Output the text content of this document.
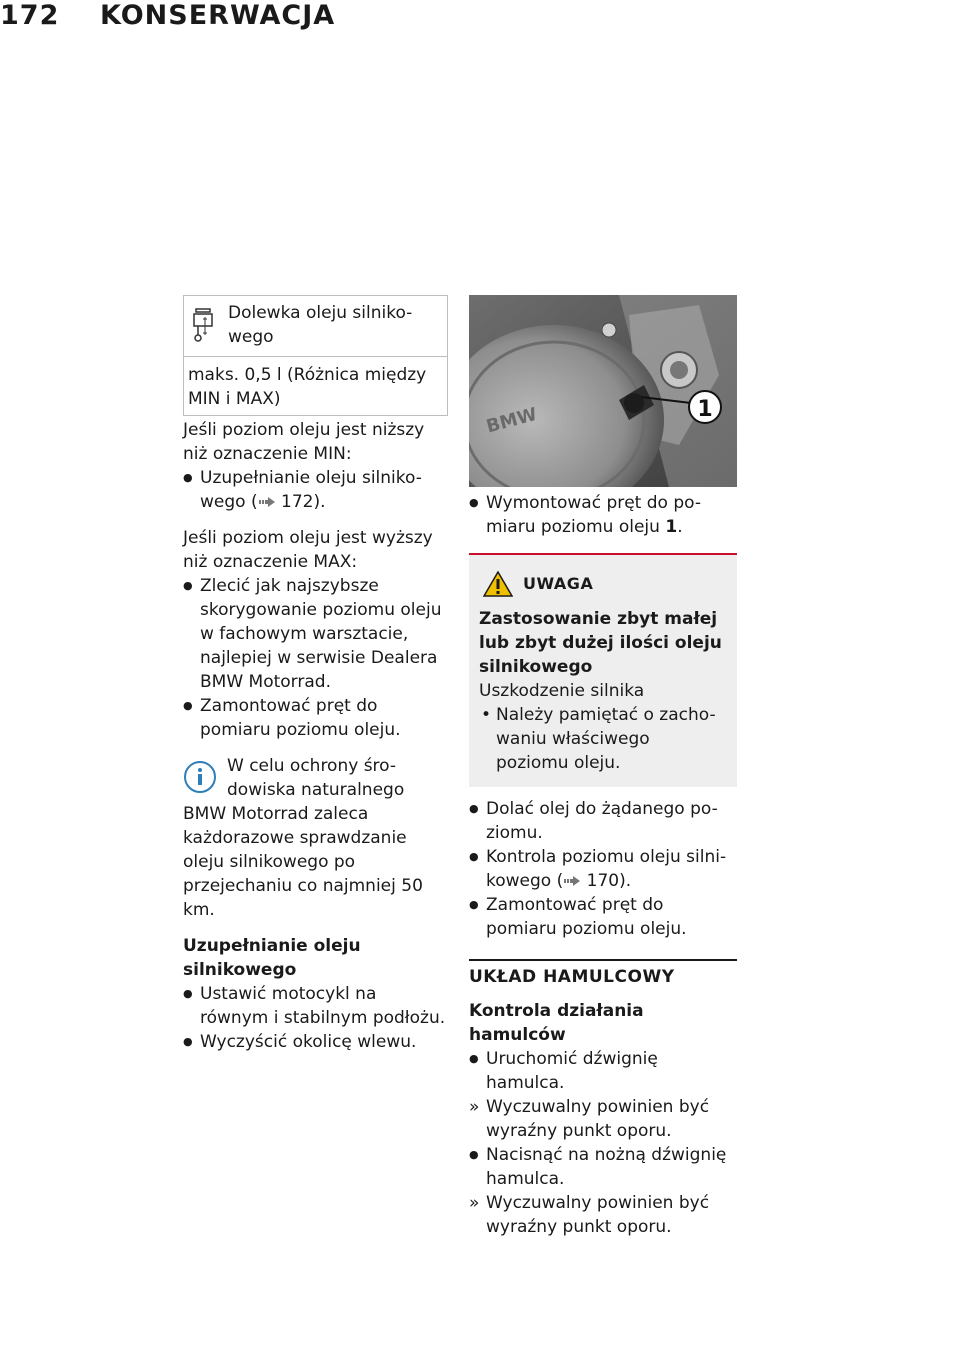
172 KONSERWACJA
Dolewka oleju silniko-wego
maks. 0,5 l (Różnica między MIN i MAX)

Jeśli poziom oleju jest niższy niż oznaczenie MIN:

● Uzupełnianie oleju silniko-wego ( 172).

Jeśli poziom oleju jest wyższy niż oznaczenie MAX:

● Zlecić jak najszybsze skorygowanie poziomu oleju w fachowym warsztacie, najlepiej w serwisie Dealera BMW Motorrad.
● Zamontować pręt do pomiaru poziomu oleju.
W celu ochrony śro-
dowiska naturalnego

BMW Motorrad zaleca każdorazowe sprawdzanie oleju silnikowego po przejechaniu co najmniej 50 km.

Uzupełnianie oleju silnikowego

● Ustawić motocykl na równym i stabilnym podłożu.
● Wyczyścić okolicę wlewu.
BMW	1
● Wymontować pręt do po-miaru poziomu oleju 1.
UWAGA

Zastosowanie zbyt małej lub zbyt dużej ilości oleju silnikowego

Uszkodzenie silnika

• Należy pamiętać o zacho-waniu właściwego poziomu oleju.
● Dolać olej do żądanego po-ziomu.
● Kontrola poziomu oleju silni-kowego ( 170).
● Zamontować pręt do pomiaru poziomu oleju.

UKŁAD HAMULCOWY

Kontrola działania hamulców

● Uruchomić dźwignię hamulca.
» Wyczuwalny powinien być wyraźny punkt oporu.
● Nacisnąć na nożną dźwignię hamulca.
» Wyczuwalny powinien być wyraźny punkt oporu.
